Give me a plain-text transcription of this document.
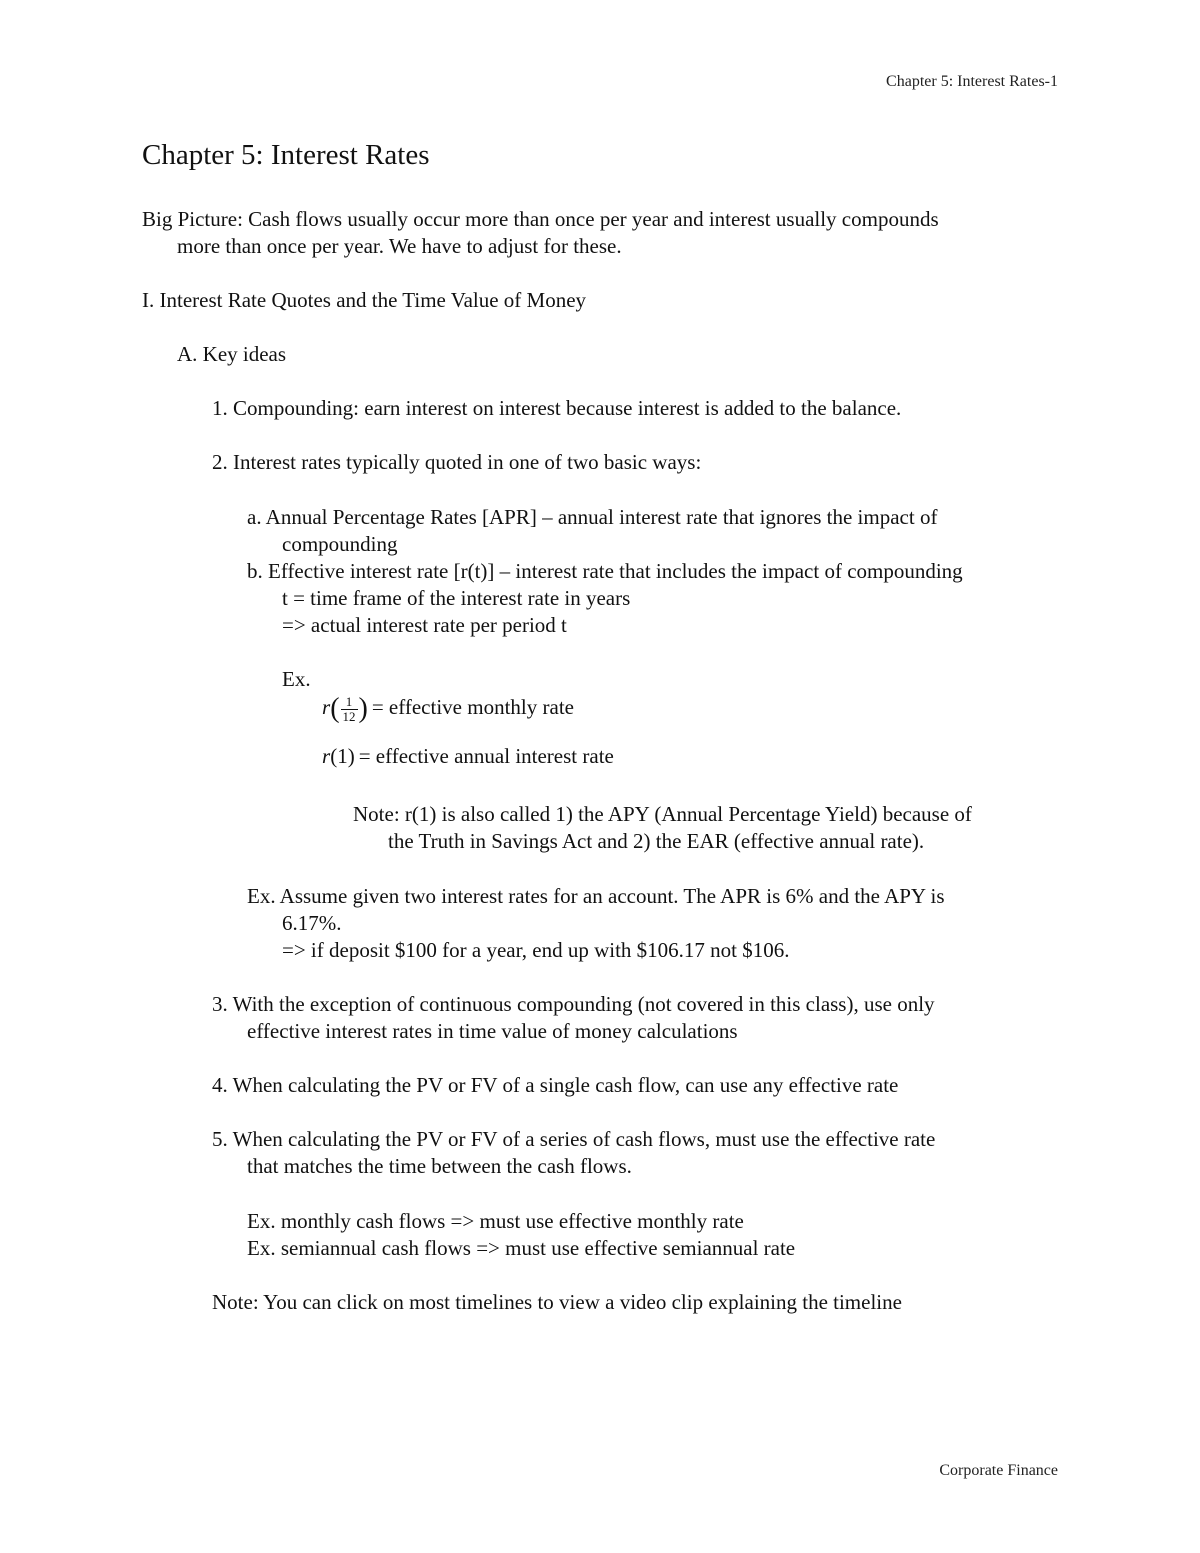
Chapter 5: Interest Rates-1
Chapter 5: Interest Rates
Big Picture: Cash flows usually occur more than once per year and interest usually compounds
more than once per year. We have to adjust for these.
I. Interest Rate Quotes and the Time Value of Money
A. Key ideas
1. Compounding: earn interest on interest because interest is added to the balance.
2. Interest rates typically quoted in one of two basic ways:
a. Annual Percentage Rates [APR] – annual interest rate that ignores the impact of
compounding
b. Effective interest rate [r(t)] – interest rate that includes the impact of compounding
t = time frame of the interest rate in years
=> actual interest rate per period t
Ex.
$r( \frac{1}{12}$ ) = effective monthly rate
r(1) = effective annual interest rate
Note: r(1) is also called 1) the APY (Annual Percentage Yield) because of
the Truth in Savings Act and 2) the EAR (effective annual rate).
Ex. Assume given two interest rates for an account. The APR is 6% and the APY is
6.17%.
=> if deposit $100 for a year, end up with $106.17 not $106.
3. With the exception of continuous compounding (not covered in this class), use only
effective interest rates in time value of money calculations
4. When calculating the PV or FV of a single cash flow, can use any effective rate
5. When calculating the PV or FV of a series of cash flows, must use the effective rate
that matches the time between the cash flows.
Ex. monthly cash flows => must use effective monthly rate
Ex. semiannual cash flows => must use effective semiannual rate
Note: You can click on most timelines to view a video clip explaining the timeline
Corporate Finance
